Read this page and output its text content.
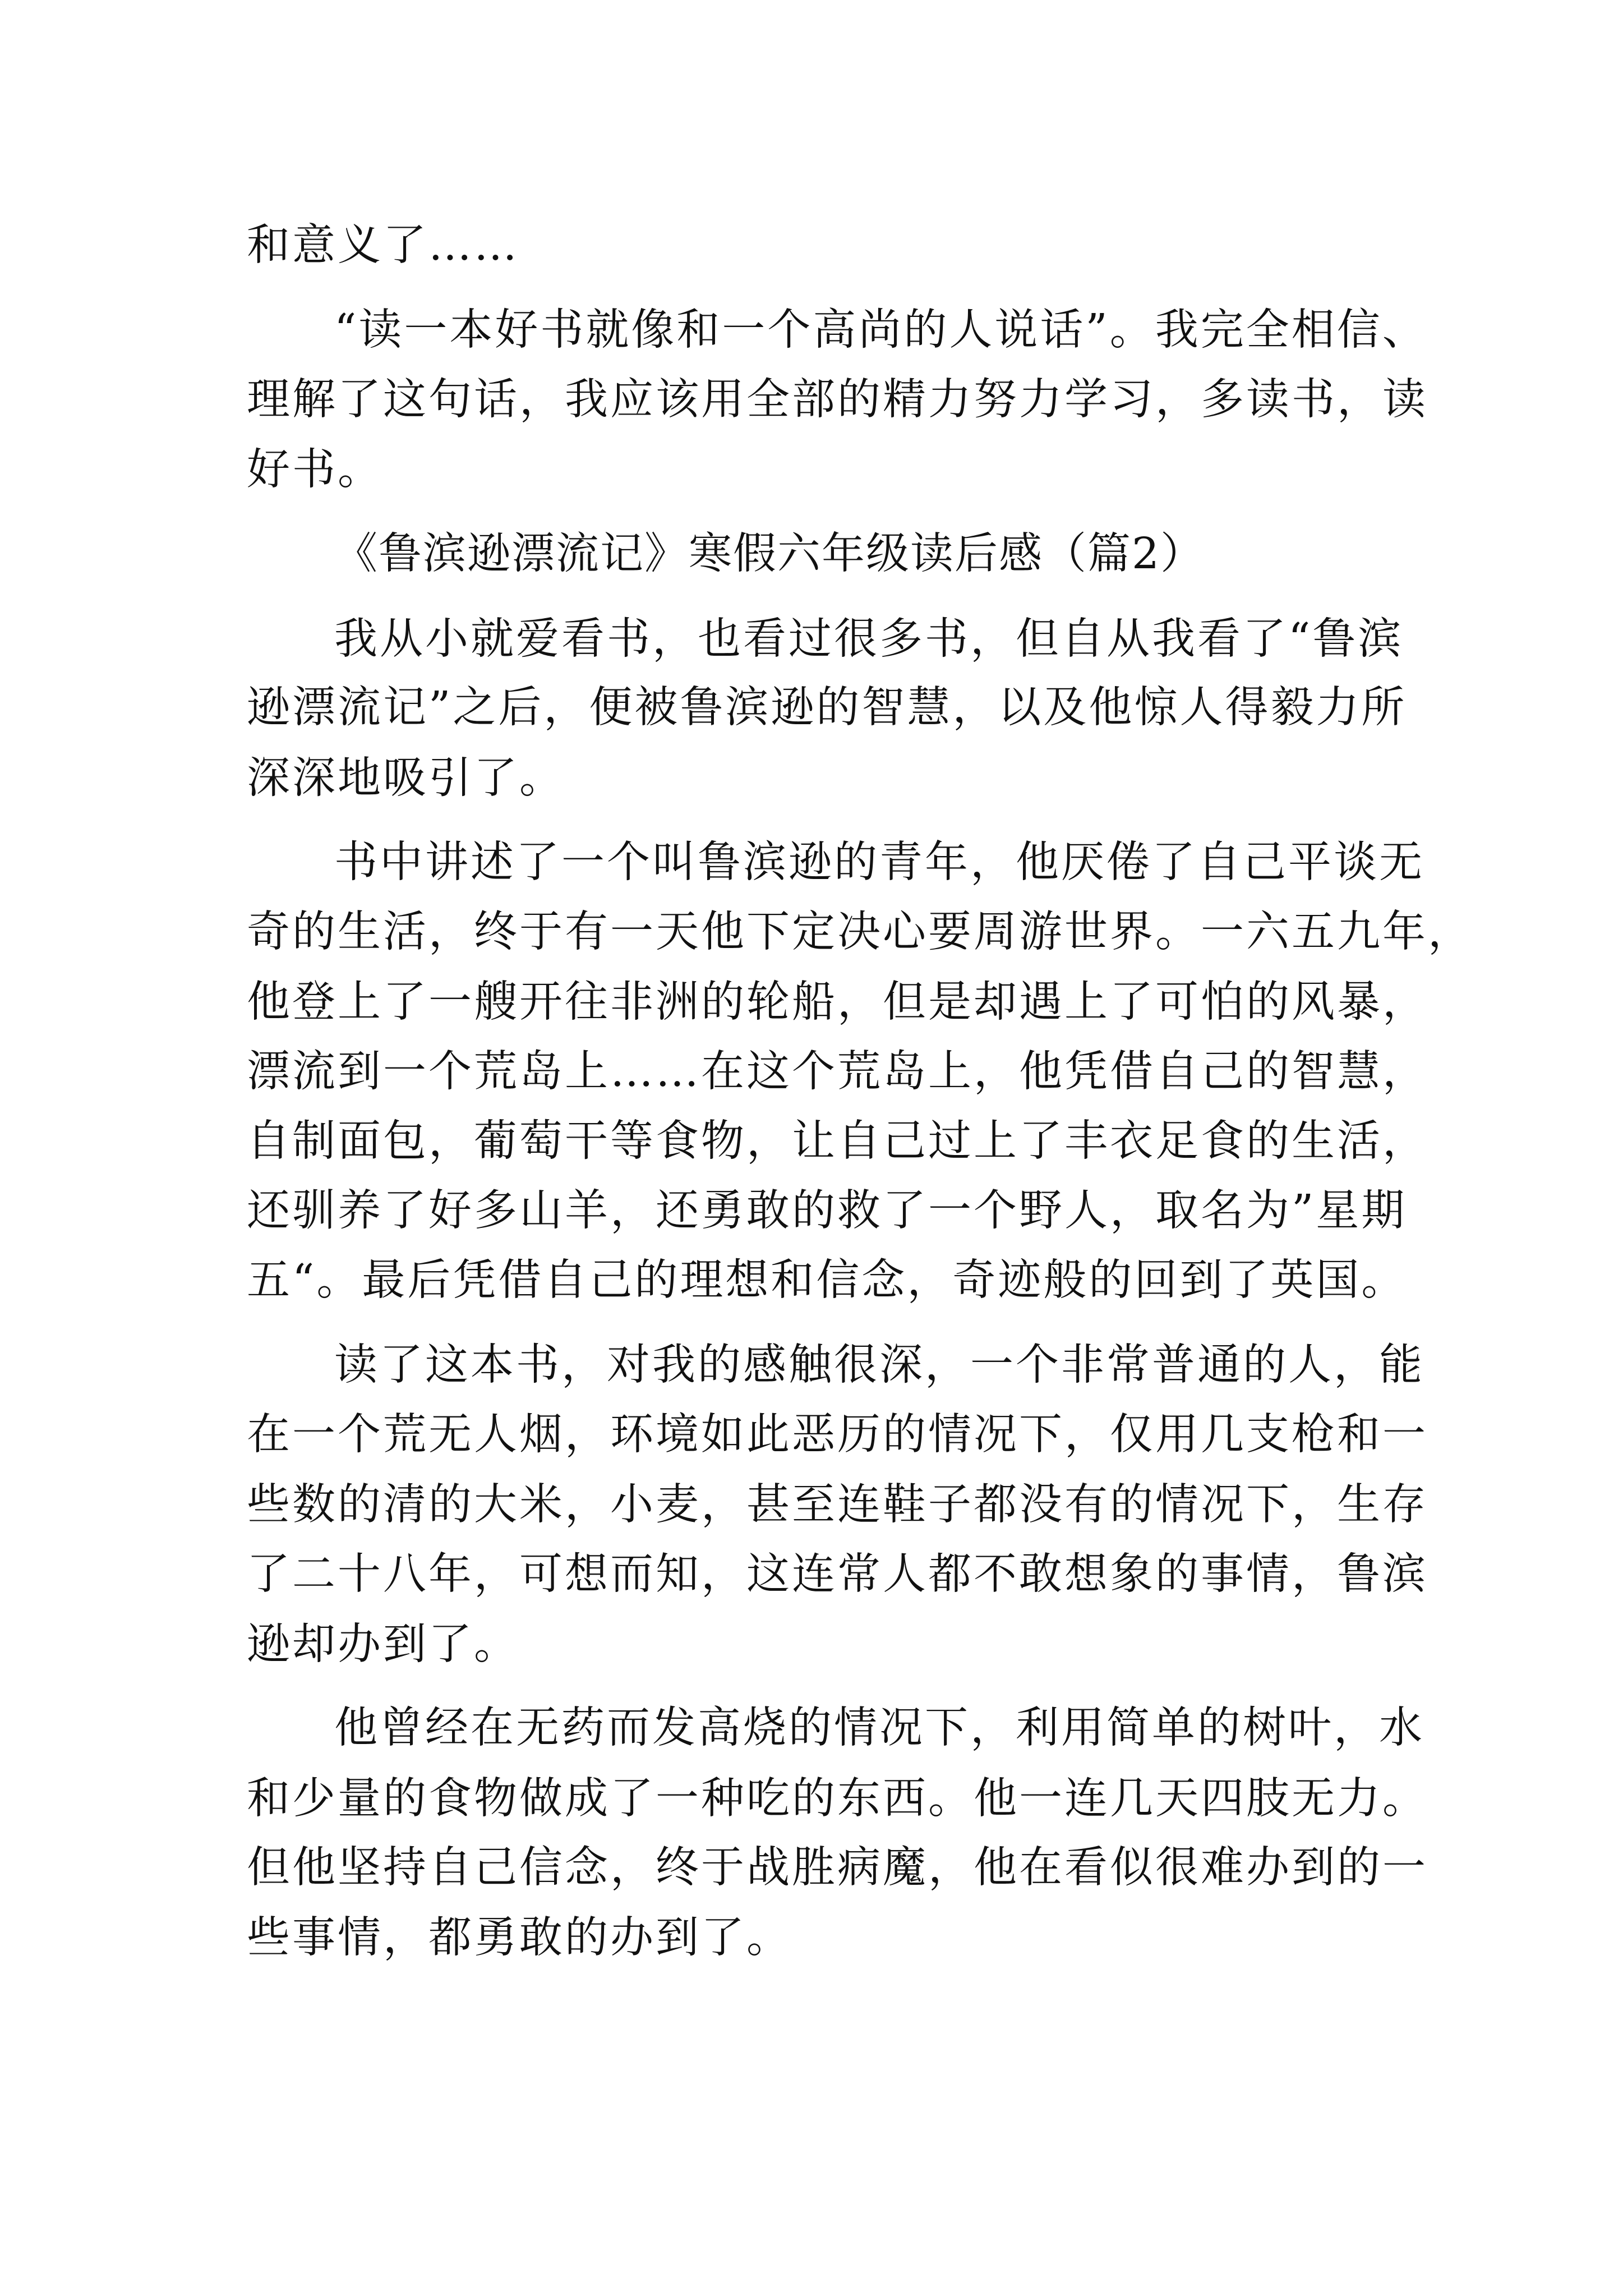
和意义了……

“读一本好书就像和一个高尚的人说话”。我完全相信、

理解了这句话，我应该用全部的精力努力学习，多读书，读

好书。

《鲁滨逊漂流记》寒假六年级读后感（篇2）

我从小就爱看书，也看过很多书，但自从我看了“鲁滨

逊漂流记”之后，便被鲁滨逊的智慧，以及他惊人得毅力所

深深地吸引了。

书中讲述了一个叫鲁滨逊的青年，他厌倦了自己平谈无

奇的生活，终于有一天他下定决心要周游世界。一六五九年，

他登上了一艘开往非洲的轮船，但是却遇上了可怕的风暴，

漂流到一个荒岛上……在这个荒岛上，他凭借自己的智慧，

自制面包，葡萄干等食物，让自己过上了丰衣足食的生活，

还驯养了好多山羊，还勇敢的救了一个野人，取名为”星期

五“。最后凭借自己的理想和信念，奇迹般的回到了英国。

读了这本书，对我的感触很深，一个非常普通的人，能

在一个荒无人烟，环境如此恶历的情况下，仅用几支枪和一

些数的清的大米，小麦，甚至连鞋子都没有的情况下，生存

了二十八年，可想而知，这连常人都不敢想象的事情，鲁滨

逊却办到了。

他曾经在无药而发高烧的情况下，利用简单的树叶，水

和少量的食物做成了一种吃的东西。他一连几天四肢无力。

但他坚持自己信念，终于战胜病魔，他在看似很难办到的一

些事情，都勇敢的办到了。
